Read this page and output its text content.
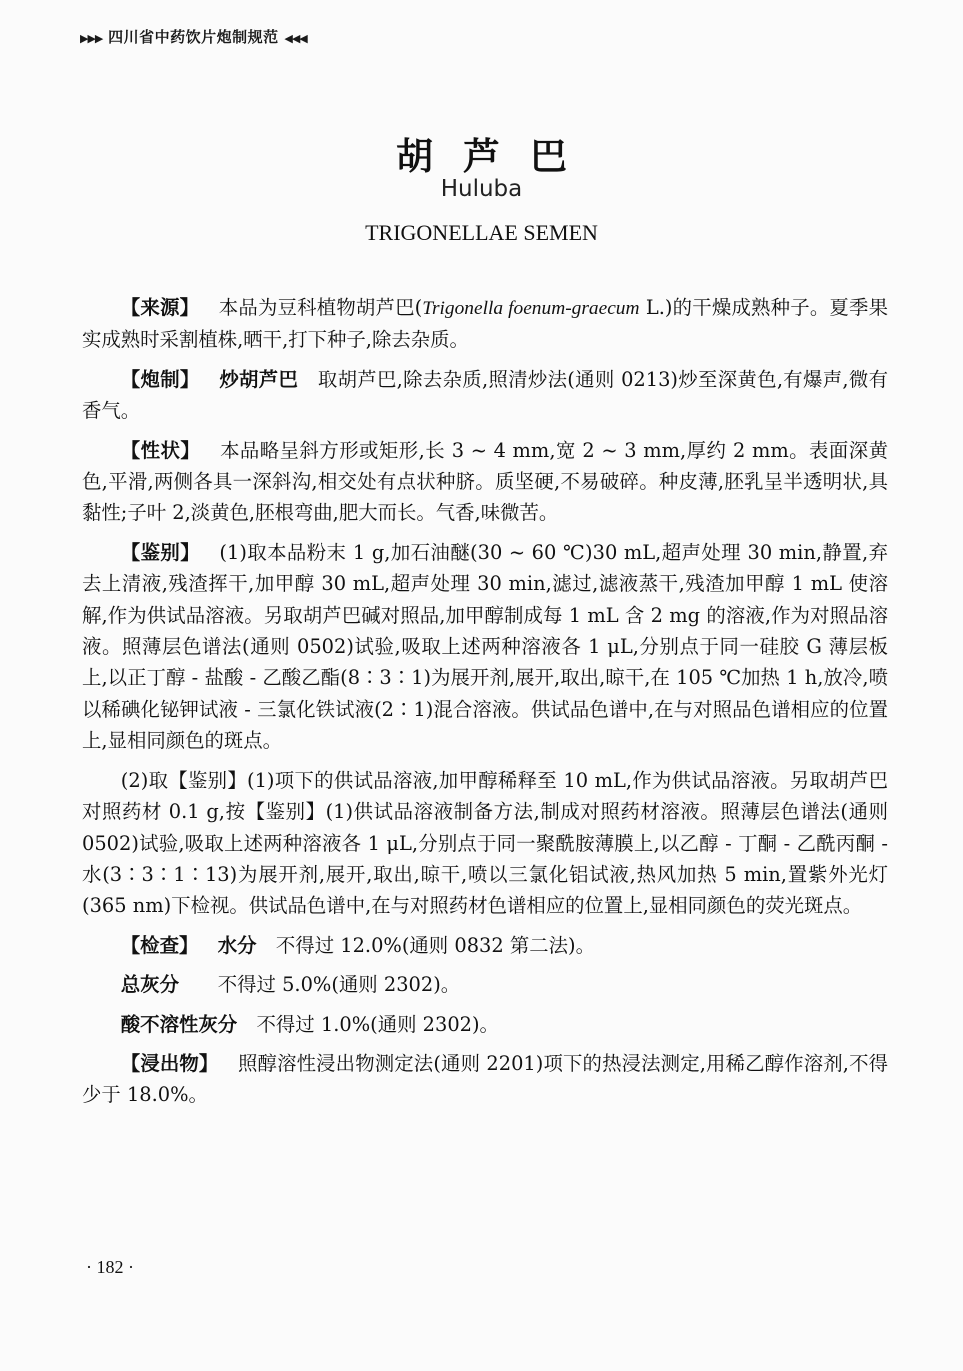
▶▶▶ 四川省中药饮片炮制规范 ◀◀◀
胡芦巴
Huluba
TRIGONELLAE SEMEN

【来源】 本品为豆科植物胡芦巴(Trigonella foenum-graecum L.)的干燥成熟种子。夏季果实成熟时采割植株,晒干,打下种子,除去杂质。

【炮制】 炒胡芦巴 取胡芦巴,除去杂质,照清炒法(通则 0213)炒至深黄色,有爆声,微有香气。

【性状】 本品略呈斜方形或矩形,长 3 ~ 4 mm,宽 2 ~ 3 mm,厚约 2 mm。表面深黄色,平滑,两侧各具一深斜沟,相交处有点状种脐。质坚硬,不易破碎。种皮薄,胚乳呈半透明状,具黏性;子叶 2,淡黄色,胚根弯曲,肥大而长。气香,味微苦。

【鉴别】 (1)取本品粉末 1 g,加石油醚(30 ~ 60 ℃)30 mL,超声处理 30 min,静置,弃去上清液,残渣挥干,加甲醇 30 mL,超声处理 30 min,滤过,滤液蒸干,残渣加甲醇 1 mL 使溶解,作为供试品溶液。另取胡芦巴碱对照品,加甲醇制成每 1 mL 含 2 mg 的溶液,作为对照品溶液。照薄层色谱法(通则 0502)试验,吸取上述两种溶液各 1 μL,分别点于同一硅胶 G 薄层板上,以正丁醇 - 盐酸 - 乙酸乙酯(8∶3∶1)为展开剂,展开,取出,晾干,在 105 ℃加热 1 h,放冷,喷以稀碘化铋钾试液 - 三氯化铁试液(2∶1)混合溶液。供试品色谱中,在与对照品色谱相应的位置上,显相同颜色的斑点。

(2)取【鉴别】(1)项下的供试品溶液,加甲醇稀释至 10 mL,作为供试品溶液。另取胡芦巴对照药材 0.1 g,按【鉴别】(1)供试品溶液制备方法,制成对照药材溶液。照薄层色谱法(通则 0502)试验,吸取上述两种溶液各 1 μL,分别点于同一聚酰胺薄膜上,以乙醇 - 丁酮 - 乙酰丙酮 - 水(3∶3∶1∶13)为展开剂,展开,取出,晾干,喷以三氯化铝试液,热风加热 5 min,置紫外光灯(365 nm)下检视。供试品色谱中,在与对照药材色谱相应的位置上,显相同颜色的荧光斑点。

【检查】 水分 不得过 12.0%(通则 0832 第二法)。

总灰分 不得过 5.0%(通则 2302)。

酸不溶性灰分 不得过 1.0%(通则 2302)。

【浸出物】 照醇溶性浸出物测定法(通则 2201)项下的热浸法测定,用稀乙醇作溶剂,不得少于 18.0%。

· 182 ·
